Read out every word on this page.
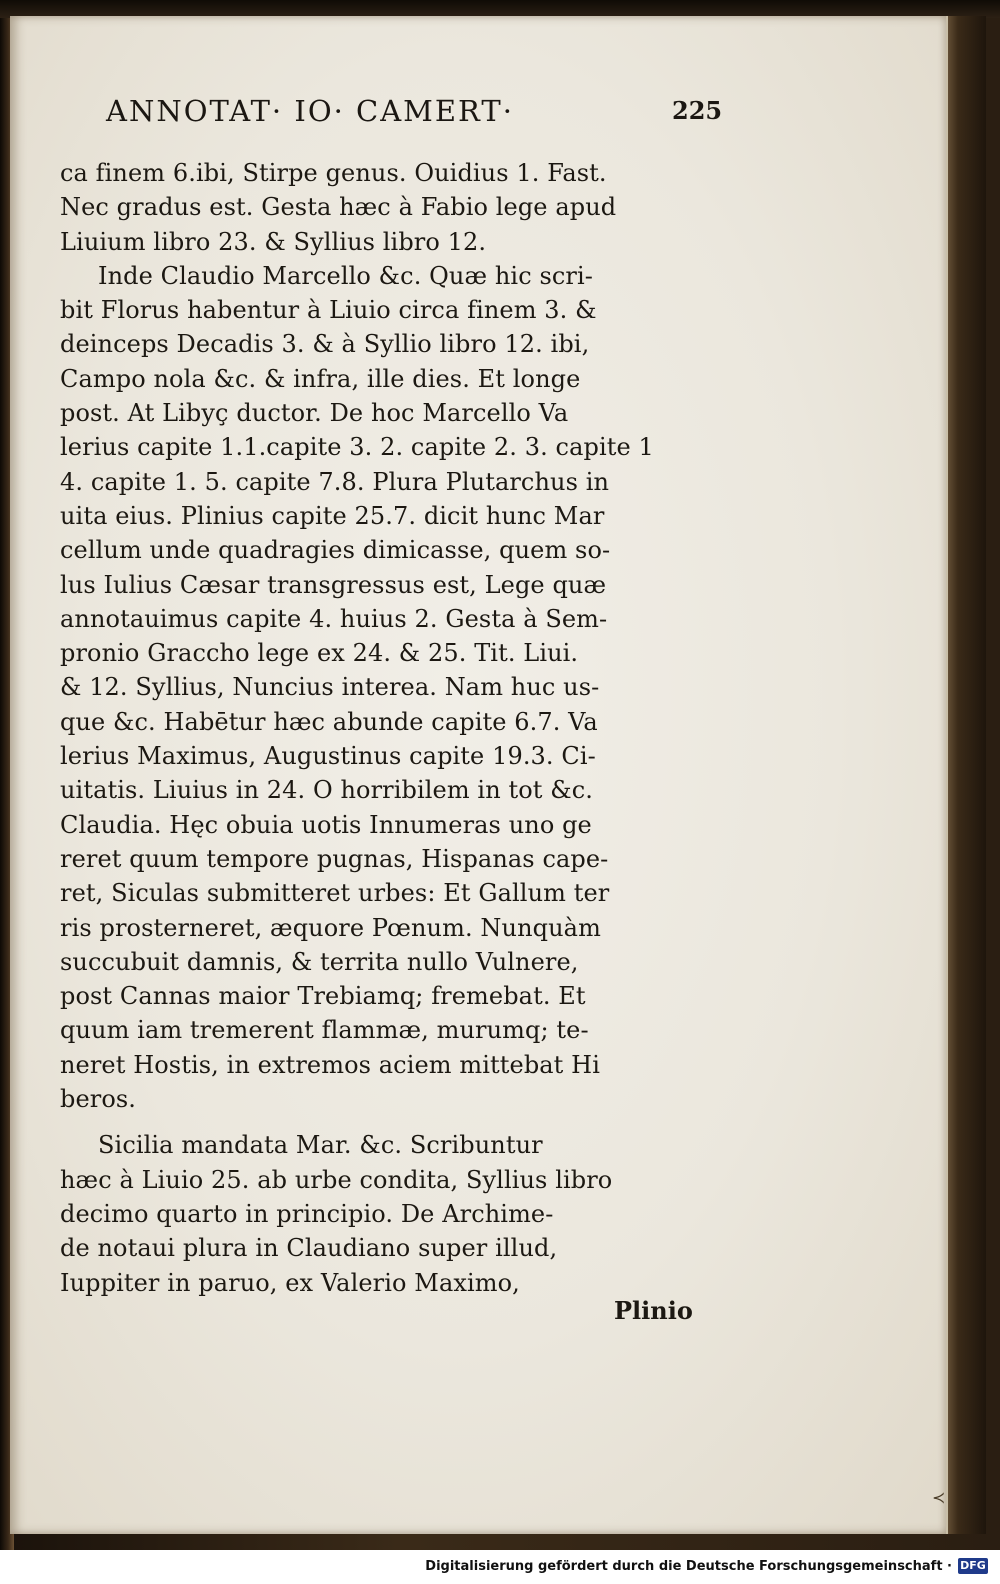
ANNOTAT· IO· CAMERT·	225
ca finem 6.ibi, Stirpe genus. Ouidius 1. Fast.
Nec gradus est. Gesta hæc à Fabio lege apud
Liuium libro 23. & Syllius libro 12.
Inde Claudio Marcello &c. Quæ hic scri-
bit Florus habentur à Liuio circa finem 3. &
deinceps Decadis 3. & à Syllio libro 12. ibi,
Campo nola &c. & infra, ille dies. Et longe
post. At Libyç ductor. De hoc Marcello Va
lerius capite 1.1.capite 3. 2. capite 2. 3. capite 1
4. capite 1. 5. capite 7.8. Plura Plutarchus in
uita eius. Plinius capite 25.7. dicit hunc Mar
cellum unde quadragies dimicasse, quem so-
lus Iulius Cæsar transgressus est, Lege quæ
annotauimus capite 4. huius 2. Gesta à Sem-
pronio Graccho lege ex 24. & 25. Tit. Liui.
& 12. Syllius, Nuncius interea. Nam huc us-
que &c. Habētur hæc abunde capite 6.7. Va
lerius Maximus, Augustinus capite 19.3. Ci-
uitatis. Liuius in 24. O horribilem in tot &c.
Claudia. Hęc obuia uotis Innumeras uno ge
reret quum tempore pugnas, Hispanas cape-
ret, Siculas submitteret urbes: Et Gallum ter
ris prosterneret, æquore Pœnum. Nunquàm
succubuit damnis, & territa nullo Vulnere,
post Cannas maior Trebiamq; fremebat. Et
quum iam tremerent flammæ, murumq; te-
neret Hostis, in extremos aciem mittebat Hi
beros.
Sicilia mandata Mar. &c. Scribuntur
hæc à Liuio 25. ab urbe condita, Syllius libro
decimo quarto in principio. De Archime-
de notaui plura in Claudiano super illud,
Iuppiter in paruo, ex Valerio Maximo,
Plinio
≺
Digitalisierung gefördert durch die Deutsche Forschungsgemeinschaft · DFG
